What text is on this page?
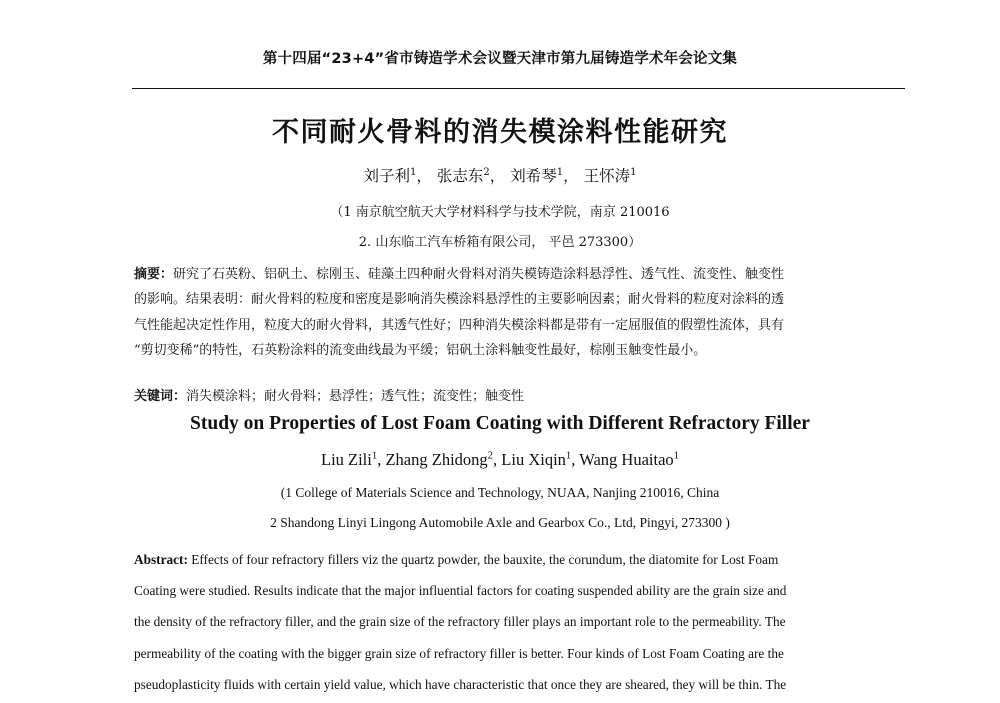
第十四届“23+4”省市铸造学术会议暨天津市第九届铸造学术年会论文集
不同耐火骨料的消失模涂料性能研究
刘子利$^1$， 张志东$^2$， 刘希琴$^1$， 王怀涛$^1$
（1 南京航空航天大学材料科学与技术学院，南京 210016
2. 山东临工汽车桥箱有限公司， 平邑 273300）
摘要：研究了石英粉、铝矾土、棕刚玉、硅藻土四种耐火骨料对消失模铸造涂料悬浮性、透气性、流变性、触变性
的影响。结果表明：耐火骨料的粒度和密度是影响消失模涂料悬浮性的主要影响因素；耐火骨料的粒度对涂料的透
气性能起决定性作用，粒度大的耐火骨料，其透气性好；四种消失模涂料都是带有一定屈服值的假塑性流体，具有
“剪切变稀”的特性，石英粉涂料的流变曲线最为平缓；铝矾土涂料触变性最好，棕刚玉触变性最小。
关键词：消失模涂料；耐火骨料；悬浮性；透气性；流变性；触变性
Study on Properties of Lost Foam Coating with Different Refractory Filler
Liu Zili$^1$, Zhang Zhidong$^2$, Liu Xiqin$^1$, Wang Huaitao$^1$
(1 College of Materials Science and Technology, NUAA, Nanjing 210016, China
2 Shandong Linyi Lingong Automobile Axle and Gearbox Co., Ltd, Pingyi, 273300 )
Abstract: Effects of four refractory fillers viz the quartz powder, the bauxite, the corundum, the diatomite for Lost Foam
Coating were studied. Results indicate that the major influential factors for coating suspended ability are the grain size and
the density of the refractory filler, and the grain size of the refractory filler plays an important role to the permeability. The
permeability of the coating with the bigger grain size of refractory filler is better. Four kinds of Lost Foam Coating are the
pseudoplasticity fluids with certain yield value, which have characteristic that once they are sheared, they will be thin. The
